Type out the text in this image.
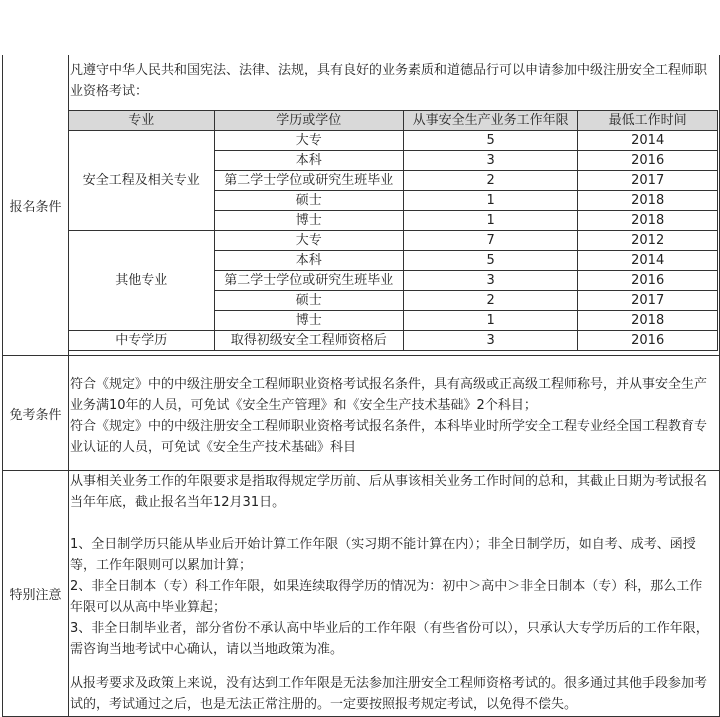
报名条件
凡遵守中华人民共和国宪法、法律、法规，具有良好的业务素质和道德品行可以申请参加中级注册安全工程师职业资格考试：
专业	学历或学位	从事安全生产业务工作年限	最低工作时间
安全工程及相关专业	大专	5	2014
	本科	3	2016
	第二学士学位或研究生班毕业	2	2017
	硕士	1	2018
	博士	1	2018
其他专业	大专	7	2012
	本科	5	2014
	第二学士学位或研究生班毕业	3	2016
	硕士	2	2017
	博士	1	2018
中专学历	取得初级安全工程师资格后	3	2016
免考条件
符合《规定》中的中级注册安全工程师职业资格考试报名条件，具有高级或正高级工程师称号，并从事安全生产业务满10年的人员，可免试《安全生产管理》和《安全生产技术基础》2个科目；
符合《规定》中的中级注册安全工程师职业资格考试报名条件，本科毕业时所学安全工程专业经全国工程教育专业认证的人员，可免试《安全生产技术基础》科目
特别注意
从事相关业务工作的年限要求是指取得规定学历前、后从事该相关业务工作时间的总和，其截止日期为考试报名当年年底，截止报名当年12月31日。
1、全日制学历只能从毕业后开始计算工作年限（实习期不能计算在内）；非全日制学历，如自考、成考、函授等，工作年限则可以累加计算；
2、非全日制本（专）科工作年限，如果连续取得学历的情况为：初中＞高中＞非全日制本（专）科，那么工作年限可以从高中毕业算起；
3、非全日制毕业者，部分省份不承认高中毕业后的工作年限（有些省份可以），只承认大专学历后的工作年限，需咨询当地考试中心确认，请以当地政策为准。
从报考要求及政策上来说，没有达到工作年限是无法参加注册安全工程师资格考试的。很多通过其他手段参加考试的，考试通过之后，也是无法正常注册的。一定要按照报考规定考试，以免得不偿失。
